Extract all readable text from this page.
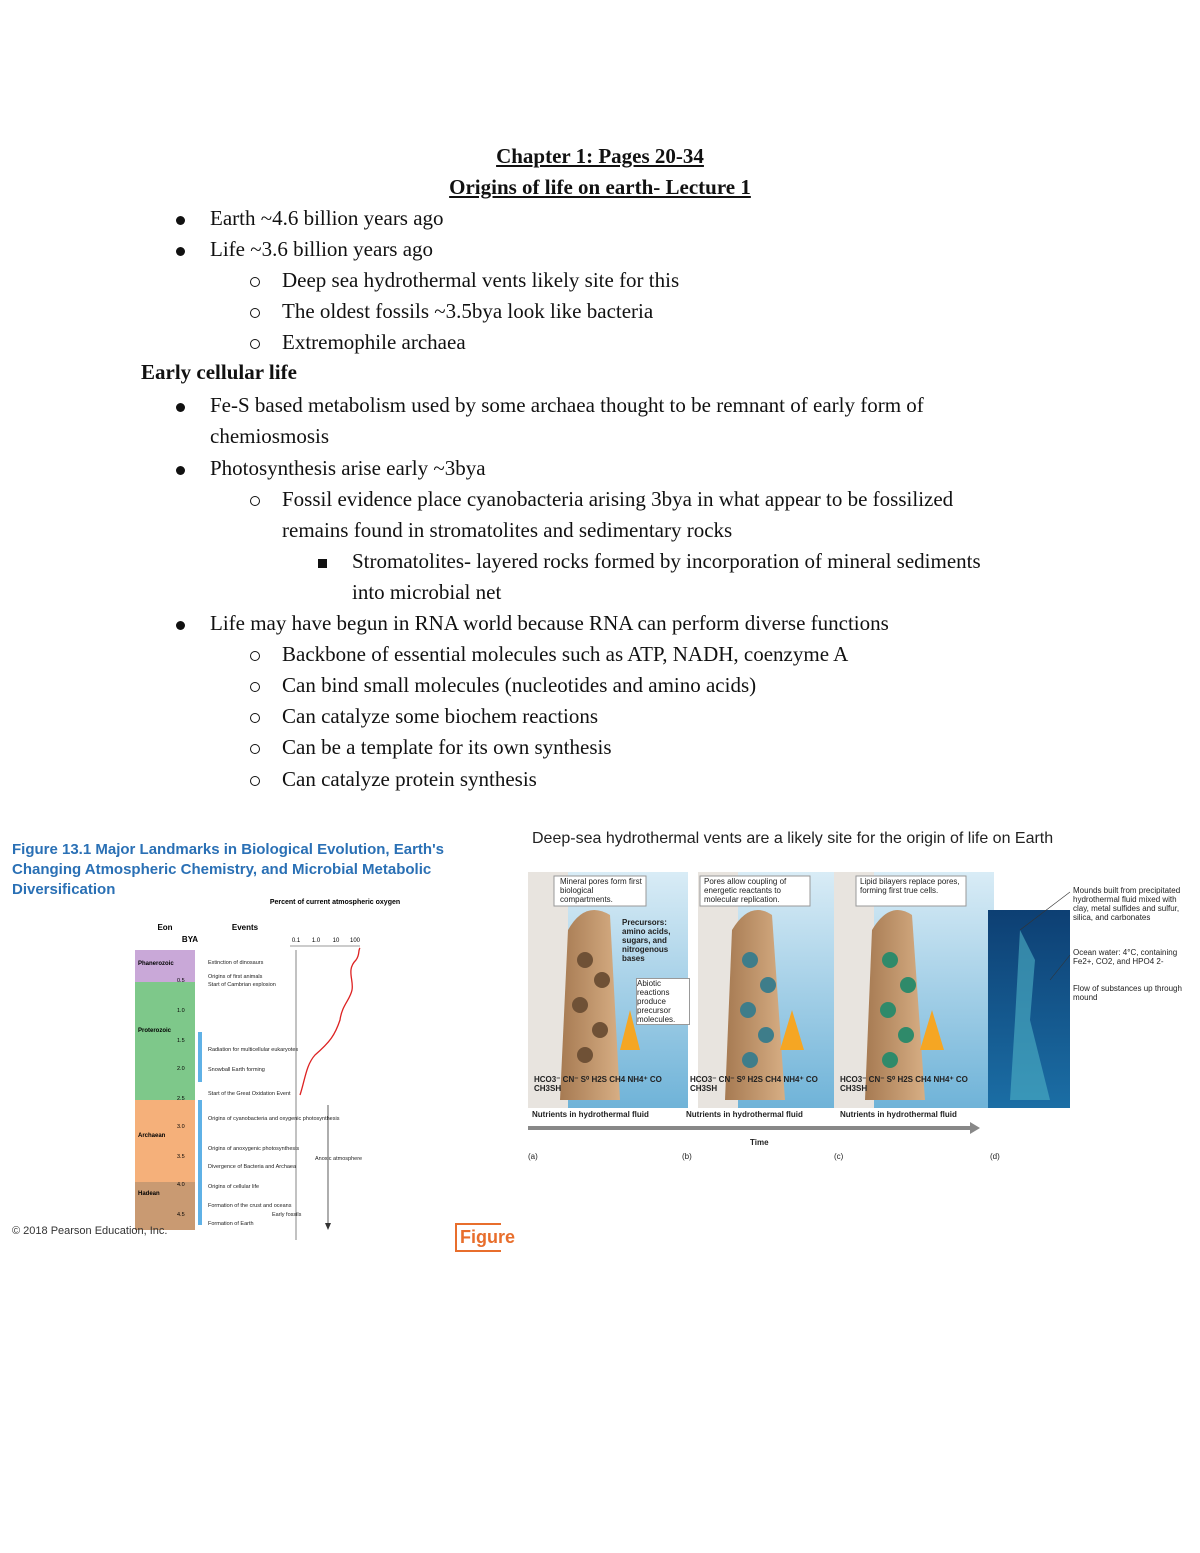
Chapter 1: Pages 20-34
Origins of life on earth- Lecture 1
Earth ~4.6 billion years ago
Life ~3.6 billion years ago
Deep sea hydrothermal vents likely site for this
The oldest fossils ~3.5bya look like bacteria
Extremophile archaea
Early cellular life
Fe-S based metabolism used by some archaea thought to be remnant of early form of
chemiosmosis
Photosynthesis arise early ~3bya
Fossil evidence place cyanobacteria arising 3bya in what appear to be fossilized
remains found in stromatolites and sedimentary rocks
Stromatolites- layered rocks formed by incorporation of mineral sediments
into microbial net
Life may have begun in RNA world because RNA can perform diverse functions
Backbone of essential molecules such as ATP, NADH, coenzyme A
Can bind small molecules (nucleotides and amino acids)
Can catalyze some biochem reactions
Can be a template for its own synthesis
Can catalyze protein synthesis
Figure 13.1 Major Landmarks in Biological Evolution, Earth's Changing Atmospheric Chemistry, and Microbial Metabolic Diversification
Eon	Events
BYA
Percent of current atmospheric oxygen
0.1 1.0 10 100
Phanerozoic
Proterozoic
Archaean
Hadean
0.5
1.0
1.5
2.0
2.5
3.0
3.5
4.0
4.5
Extinction of dinosaurs
Origins of first animals
Start of Cambrian explosion
Radiation for multicellular eukaryotes
Snowball Earth forming
Start of the Great Oxidation Event
Origins of cyanobacteria and oxygenic photosynthesis
Origins of anoxygenic photosynthesis
Divergence of Bacteria and Archaea
Origins of cellular life
Formation of the crust and oceans
Formation of Earth
Early fossils
Anoxic atmosphere
© 2018 Pearson Education, Inc.	Figure
Deep-sea hydrothermal vents are a likely site for the origin of life on Earth
Mineral pores form first biological compartments.
Pores allow coupling of energetic reactants to molecular replication.
Lipid bilayers replace pores, forming first true cells.
Precursors: amino acids, sugars, and nitrogenous bases
Abiotic reactions produce precursor molecules.
HCO3⁻ CN⁻ S⁰ H2S CH4 NH4⁺ CO CH3SH
HCO3⁻ CN⁻ S⁰ H2S CH4 NH4⁺ CO CH3SH
HCO3⁻ CN⁻ S⁰ H2S CH4 NH4⁺ CO CH3SH
Nutrients in hydrothermal fluid	Nutrients in hydrothermal fluid	Nutrients in hydrothermal fluid
Time
(a)	(b)	(c)	(d)
Mounds built from precipitated hydrothermal fluid mixed with clay, metal sulfides and sulfur, silica, and carbonates
Ocean water: 4°C, containing Fe2+, CO2, and HPO4 2-
Flow of substances up through mound
